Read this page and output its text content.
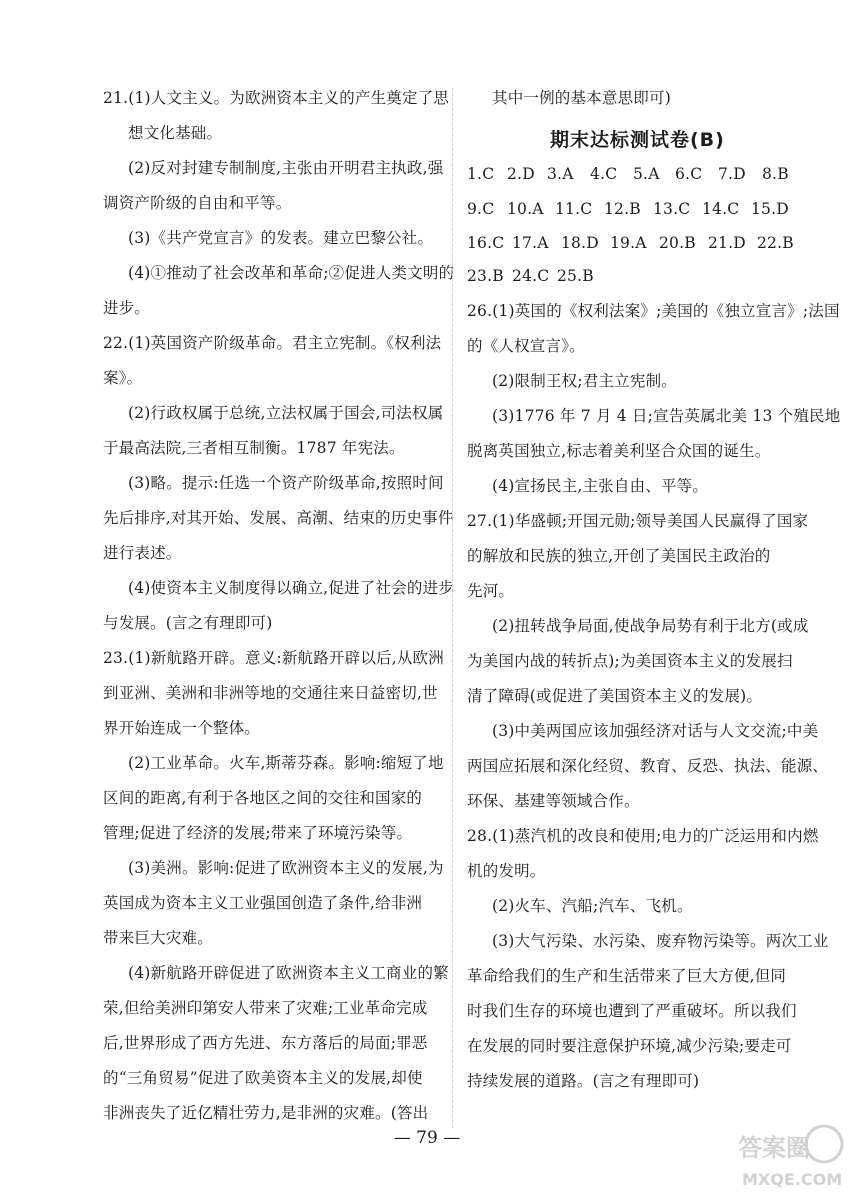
21.(1)人文主义。为欧洲资本主义的产生奠定了思
想文化基础。
(2)反对封建专制制度,主张由开明君主执政,强
调资产阶级的自由和平等。
(3)《共产党宣言》的发表。建立巴黎公社。
(4)①推动了社会改革和革命;②促进人类文明的
进步。
22.(1)英国资产阶级革命。君主立宪制。《权利法
案》。
(2)行政权属于总统,立法权属于国会,司法权属
于最高法院,三者相互制衡。1787 年宪法。
(3)略。提示:任选一个资产阶级革命,按照时间
先后排序,对其开始、发展、高潮、结束的历史事件
进行表述。
(4)使资本主义制度得以确立,促进了社会的进步
与发展。(言之有理即可)
23.(1)新航路开辟。意义:新航路开辟以后,从欧洲
到亚洲、美洲和非洲等地的交通往来日益密切,世
界开始连成一个整体。
(2)工业革命。火车,斯蒂芬森。影响:缩短了地
区间的距离,有利于各地区之间的交往和国家的
管理;促进了经济的发展;带来了环境污染等。
(3)美洲。影响:促进了欧洲资本主义的发展,为
英国成为资本主义工业强国创造了条件,给非洲
带来巨大灾难。
(4)新航路开辟促进了欧洲资本主义工商业的繁
荣,但给美洲印第安人带来了灾难;工业革命完成
后,世界形成了西方先进、东方落后的局面;罪恶
的“三角贸易”促进了欧美资本主义的发展,却使
非洲丧失了近亿精壮劳力,是非洲的灾难。(答出
其中一例的基本意思即可)
期末达标测试卷(B)
1.C 2.D 3.A 4.C 5.A 6.C 7.D 8.B
9.C 10.A 11.C 12.B 13.C 14.C 15.D
16.C 17.A 18.D 19.A 20.B 21.D 22.B
23.B 24.C 25.B
26.(1)英国的《权利法案》;美国的《独立宣言》;法国
的《人权宣言》。
(2)限制王权;君主立宪制。
(3)1776 年 7 月 4 日;宣告英属北美 13 个殖民地
脱离英国独立,标志着美利坚合众国的诞生。
(4)宣扬民主,主张自由、平等。
27.(1)华盛顿;开国元勋;领导美国人民赢得了国家
的解放和民族的独立,开创了美国民主政治的
先河。
(2)扭转战争局面,使战争局势有利于北方(或成
为美国内战的转折点);为美国资本主义的发展扫
清了障碍(或促进了美国资本主义的发展)。
(3)中美两国应该加强经济对话与人文交流;中美
两国应拓展和深化经贸、教育、反恐、执法、能源、
环保、基建等领域合作。
28.(1)蒸汽机的改良和使用;电力的广泛运用和内燃
机的发明。
(2)火车、汽船;汽车、飞机。
(3)大气污染、水污染、废弃物污染等。两次工业
革命给我们的生产和生活带来了巨大方便,但同
时我们生存的环境也遭到了严重破坏。所以我们
在发展的同时要注意保护环境,减少污染;要走可
持续发展的道路。(言之有理即可)
— 79 —	答案圈
MXQE.COM
